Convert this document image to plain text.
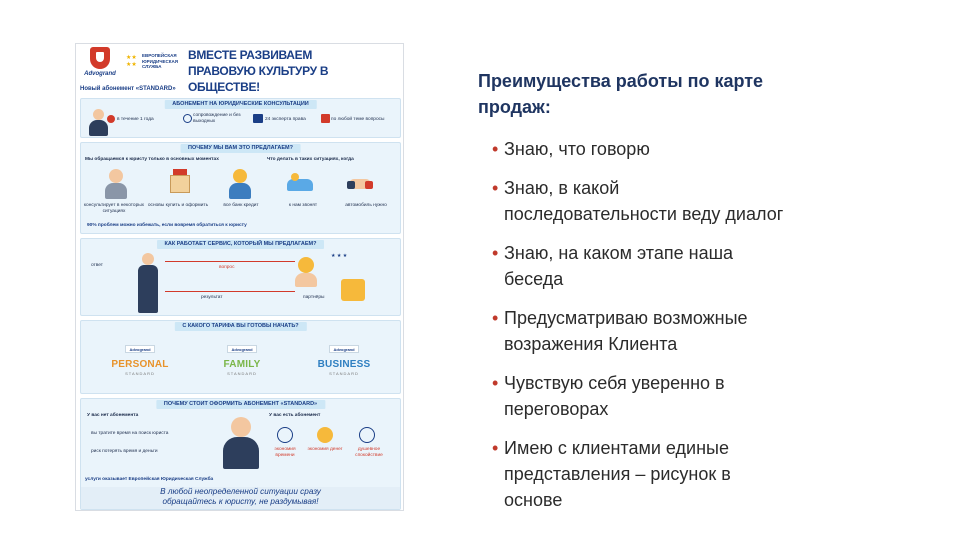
Advogrand
★★
★★
ЕВРОПЕЙСКАЯ ЮРИДИЧЕСКАЯ СЛУЖБА
ВМЕСТЕ РАЗВИВАЕМ
ПРАВОВУЮ КУЛЬТУРУ В ОБЩЕСТВЕ!
Новый абонемент «STANDARD»
АБОНЕМЕНТ НА ЮРИДИЧЕСКИЕ КОНСУЛЬТАЦИИ
в течение 1 года
сопровождение и без выходных	24 эксперта права	по любой теме вопросы
ПОЧЕМУ МЫ ВАМ ЭТО ПРЕДЛАГАЕМ?
Мы обращаемся к юристу только в основных моментах	Что делать в таких ситуациях, когда
консультирует в некоторых ситуациях
основы купить и оформить	все банк кредит	к нам звонят	автомобиль нужно
90% проблем можно избежать, если вовремя обратиться к юристу
КАК РАБОТАЕТ СЕРВИС, КОТОРЫЙ МЫ ПРЕДЛАГАЕМ?
вопрос
ответ
партнёры
результат
★ ★ ★
С КАКОГО ТАРИФА ВЫ ГОТОВЫ НАЧАТЬ?
Advogrand
PERSONAL
STANDARD
Advogrand
FAMILY
STANDARD
Advogrand
BUSINESS
STANDARD
ПОЧЕМУ СТОИТ ОФОРМИТЬ АБОНЕМЕНТ «STANDARD»
У вас нет абонемента	У вас есть абонемент
вы тратите время на поиск юриста
риск потерять время и деньги	экономия времени
экономия денег	душевное спокойствие
услуги оказывает Европейская Юридическая Служба
В любой неопределенной ситуации сразу
обращайтесь к юристу, не раздумывая!
Преимущества работы по карте
продаж:
• Знаю, что говорю
• Знаю, в какой
последовательности веду диалог
• Знаю, на каком этапе наша
беседа
• Предусматриваю возможные
возражения Клиента
• Чувствую себя уверенно в
переговорах
• Имею с клиентами единые
представления – рисунок в
основе
